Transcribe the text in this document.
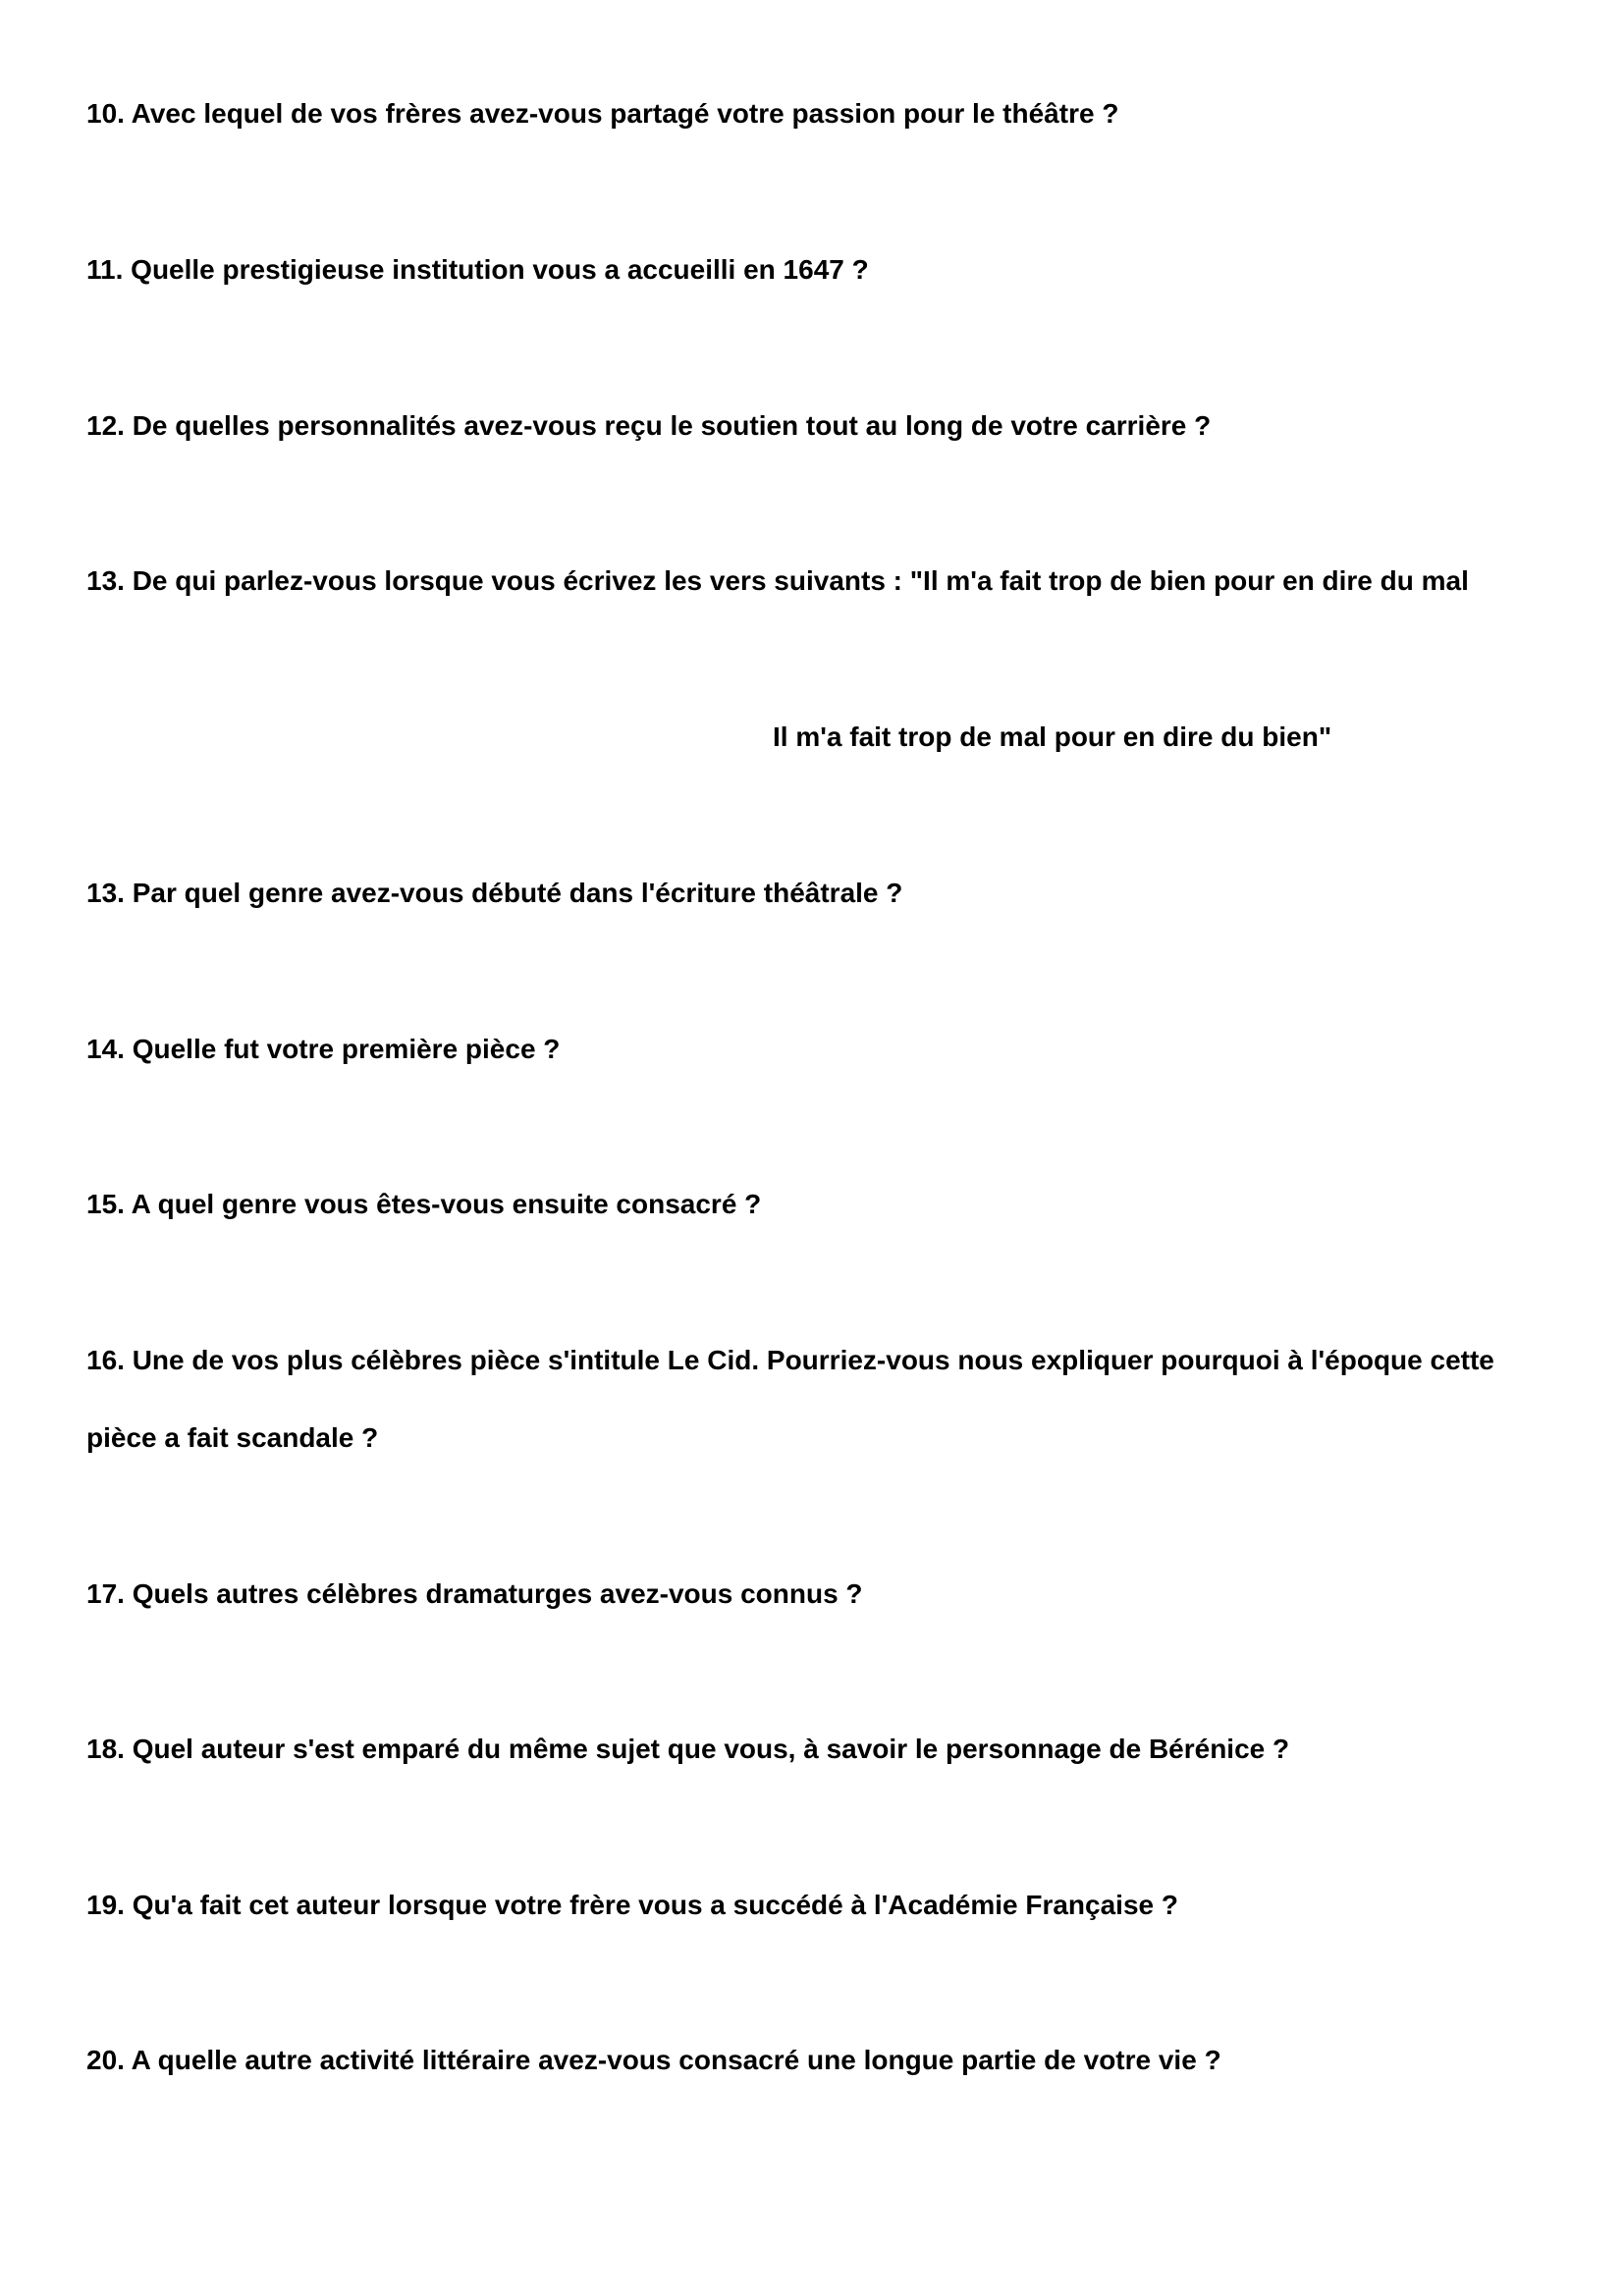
10. Avec lequel de vos frères avez-vous partagé votre passion pour le théâtre ?

11. Quelle prestigieuse institution vous a accueilli en 1647 ?

12. De quelles personnalités avez-vous reçu le soutien tout au long de votre carrière ?

13. De qui parlez-vous lorsque vous écrivez les vers suivants : "Il m'a fait trop de bien pour en dire du mal

Il m'a fait trop de mal pour en dire du bien"

13. Par quel genre avez-vous débuté dans l'écriture théâtrale ?

14. Quelle fut votre première pièce ?

15. A quel genre vous êtes-vous ensuite consacré ?

16. Une de vos plus célèbres pièce s'intitule Le Cid. Pourriez-vous nous expliquer pourquoi à l'époque cette

pièce a fait scandale ?

17. Quels autres célèbres dramaturges avez-vous connus ?

18. Quel auteur s'est emparé du même sujet que vous, à savoir le personnage de Bérénice ?

19. Qu'a fait cet auteur lorsque votre frère vous a succédé à l'Académie Française ?

20. A quelle autre activité littéraire avez-vous consacré une longue partie de votre vie ?
